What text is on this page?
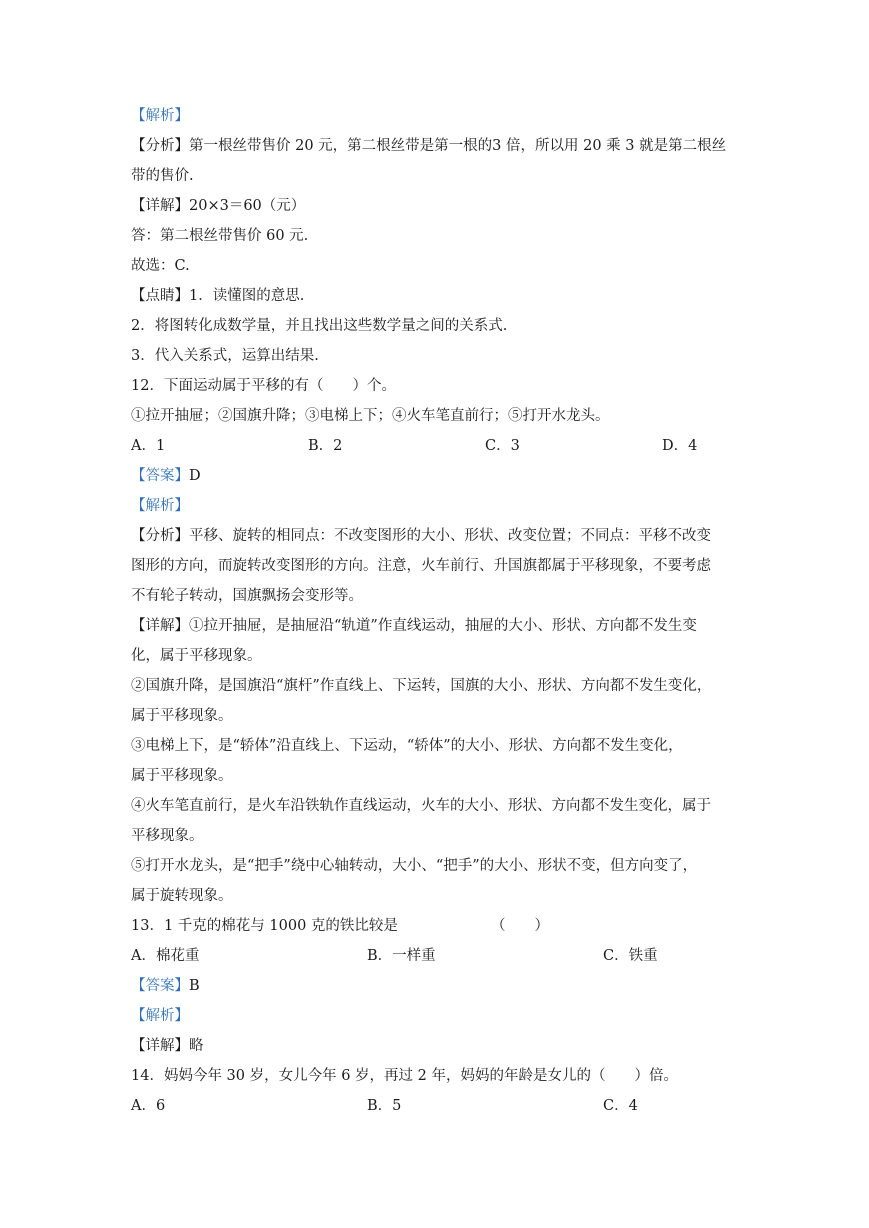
【解析】
【分析】第一根丝带售价 20 元，第二根丝带是第一根的3 倍，所以用 20 乘 3 就是第二根丝
带的售价.
【详解】20×3＝60（元）
答：第二根丝带售价 60 元.
故选：C.
【点睛】1．读懂图的意思.
2．将图转化成数学量，并且找出这些数学量之间的关系式.
3．代入关系式，运算出结果.
12．下面运动属于平移的有（　　）个。
①拉开抽屉；②国旗升降；③电梯上下；④火车笔直前行；⑤打开水龙头。
A．1	B．2	C．3	D．4
【答案】D
【解析】
【分析】平移、旋转的相同点：不改变图形的大小、形状、改变位置；不同点：平移不改变
图形的方向，而旋转改变图形的方向。注意，火车前行、升国旗都属于平移现象，不要考虑
不有轮子转动，国旗飘扬会变形等。
【详解】①拉开抽屉，是抽屉沿“轨道”作直线运动，抽屉的大小、形状、方向都不发生变
化，属于平移现象。
②国旗升降，是国旗沿“旗杆”作直线上、下运转，国旗的大小、形状、方向都不发生变化，
属于平移现象。
③电梯上下，是“轿体”沿直线上、下运动，“轿体”的大小、形状、方向都不发生变化，
属于平移现象。
④火车笔直前行，是火车沿铁轨作直线运动，火车的大小、形状、方向都不发生变化，属于
平移现象。
⑤打开水龙头，是“把手”绕中心轴转动，大小、“把手”的大小、形状不变，但方向变了，
属于旋转现象。
13．1 千克的棉花与 1000 克的铁比较是	（　　）
A．棉花重	B．一样重	C．铁重
【答案】B
【解析】
【详解】略
14．妈妈今年 30 岁，女儿今年 6 岁，再过 2 年，妈妈的年龄是女儿的（　　）倍。
A．6	B．5	C．4
